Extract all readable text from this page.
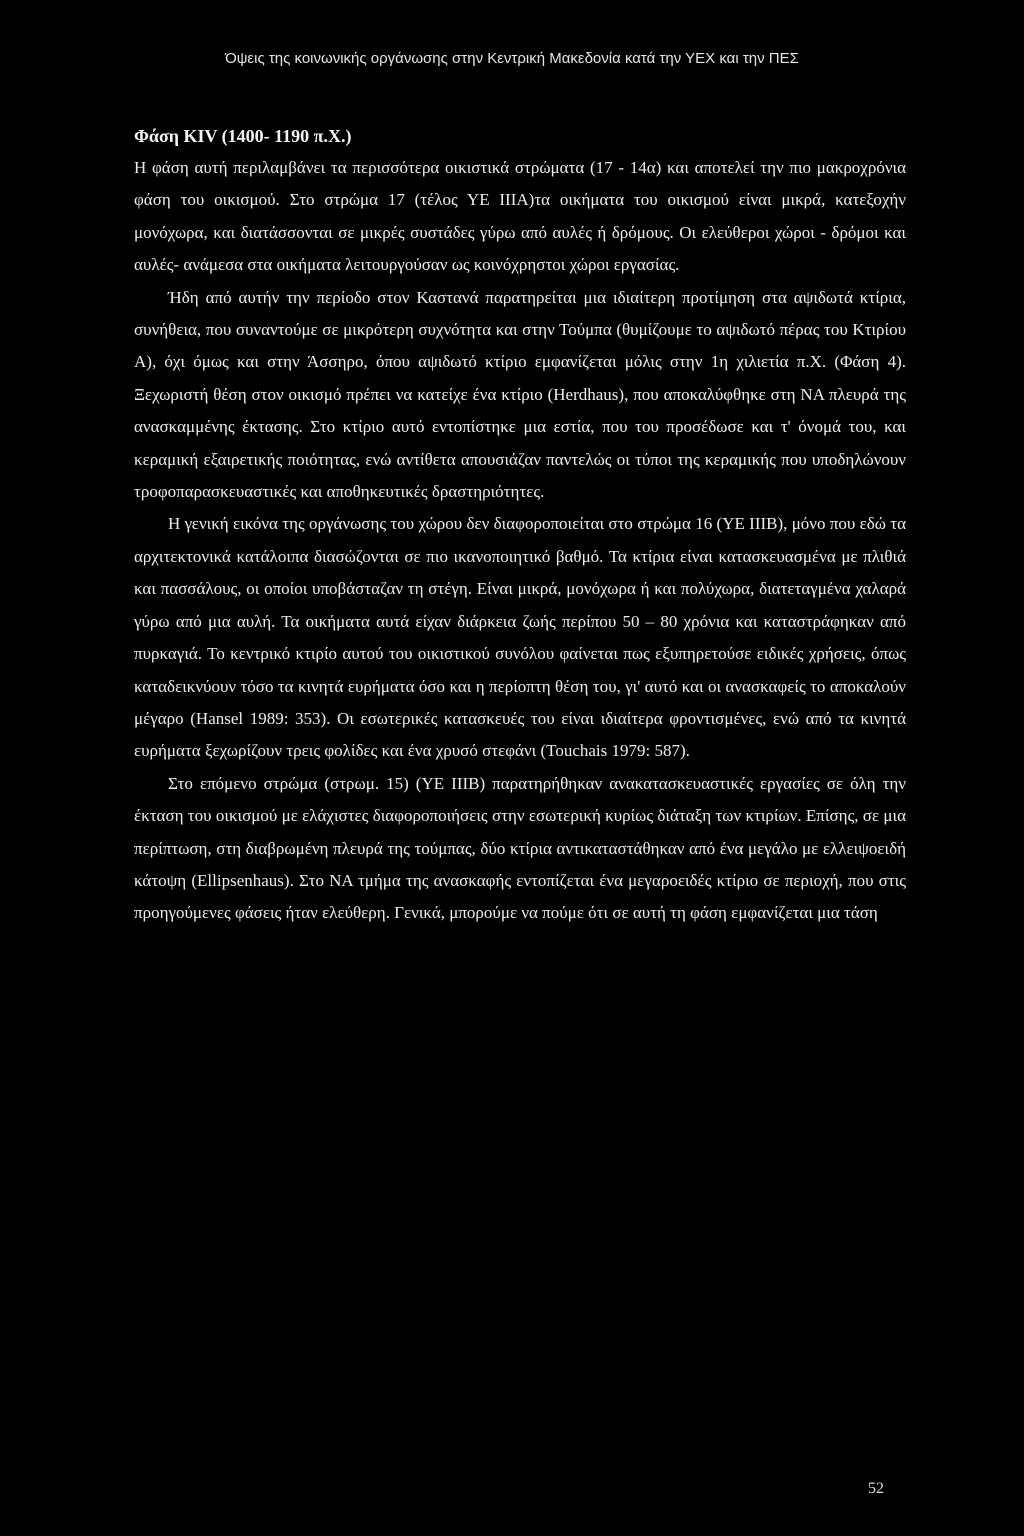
Όψεις της κοινωνικής οργάνωσης στην Κεντρική Μακεδονία κατά την ΥΕΧ και την ΠΕΣ
Φάση ΚΙV (1400- 1190 π.Χ.)

Η φάση αυτή περιλαμβάνει τα περισσότερα οικιστικά στρώματα (17 - 14α) και αποτελεί την πιο μακροχρόνια φάση του οικισμού. Στο στρώμα 17 (τέλος ΥΕ ΙΙΙΑ)τα οικήματα του οικισμού είναι μικρά, κατεξοχήν μονόχωρα, και διατάσσονται σε μικρές συστάδες γύρω από αυλές ή δρόμους. Οι ελεύθεροι χώροι - δρόμοι και αυλές- ανάμεσα στα οικήματα λειτουργούσαν ως κοινόχρηστοι χώροι εργασίας.

Ήδη από αυτήν την περίοδο στον Καστανά παρατηρείται μια ιδιαίτερη προτίμηση στα αψιδωτά κτίρια, συνήθεια, που συναντούμε σε μικρότερη συχνότητα και στην Τούμπα (θυμίζουμε το αψιδωτό πέρας του Κτιρίου Α), όχι όμως και στην Άσσηρο, όπου αψιδωτό κτίριο εμφανίζεται μόλις στην 1η χιλιετία π.Χ. (Φάση 4). Ξεχωριστή θέση στον οικισμό πρέπει να κατείχε ένα κτίριο (Herdhaus), που αποκαλύφθηκε στη ΝΑ πλευρά της ανασκαμμένης έκτασης. Στο κτίριο αυτό εντοπίστηκε μια εστία, που του προσέδωσε και τ' όνομά του, και κεραμική εξαιρετικής ποιότητας, ενώ αντίθετα απουσιάζαν παντελώς οι τύποι της κεραμικής που υποδηλώνουν τροφοπαρασκευαστικές και αποθηκευτικές δραστηριότητες.

Η γενική εικόνα της οργάνωσης του χώρου δεν διαφοροποιείται στο στρώμα 16 (ΥΕ ΙΙΙΒ), μόνο που εδώ τα αρχιτεκτονικά κατάλοιπα διασώζονται σε πιο ικανοποιητικό βαθμό. Τα κτίρια είναι κατασκευασμένα με πλιθιά και πασσάλους, οι οποίοι υποβάσταζαν τη στέγη. Είναι μικρά, μονόχωρα ή και πολύχωρα, διατεταγμένα χαλαρά γύρω από μια αυλή. Τα οικήματα αυτά είχαν διάρκεια ζωής περίπου 50 – 80 χρόνια και καταστράφηκαν από πυρκαγιά. Το κεντρικό κτιρίο αυτού του οικιστικού συνόλου φαίνεται πως εξυπηρετούσε ειδικές χρήσεις, όπως καταδεικνύουν τόσο τα κινητά ευρήματα όσο και η περίοπτη θέση του, γι' αυτό και οι ανασκαφείς το αποκαλούν μέγαρο (Hansel 1989: 353). Οι εσωτερικές κατασκευές του είναι ιδιαίτερα φροντισμένες, ενώ από τα κινητά ευρήματα ξεχωρίζουν τρεις φολίδες και ένα χρυσό στεφάνι (Touchais 1979: 587).

Στο επόμενο στρώμα (στρωμ. 15) (ΥΕ ΙΙΙΒ) παρατηρήθηκαν ανακατασκευαστικές εργασίες σε όλη την έκταση του οικισμού με ελάχιστες διαφοροποιήσεις στην εσωτερική κυρίως διάταξη των κτιρίων. Επίσης, σε μια περίπτωση, στη διαβρωμένη πλευρά της τούμπας, δύο κτίρια αντικαταστάθηκαν από ένα μεγάλο με ελλειψοειδή κάτοψη (Ellipsenhaus). Στο ΝΑ τμήμα της ανασκαφής εντοπίζεται ένα μεγαροειδές κτίριο σε περιοχή, που στις προηγούμενες φάσεις ήταν ελεύθερη. Γενικά, μπορούμε να πούμε ότι σε αυτή τη φάση εμφανίζεται μια τάση

52
